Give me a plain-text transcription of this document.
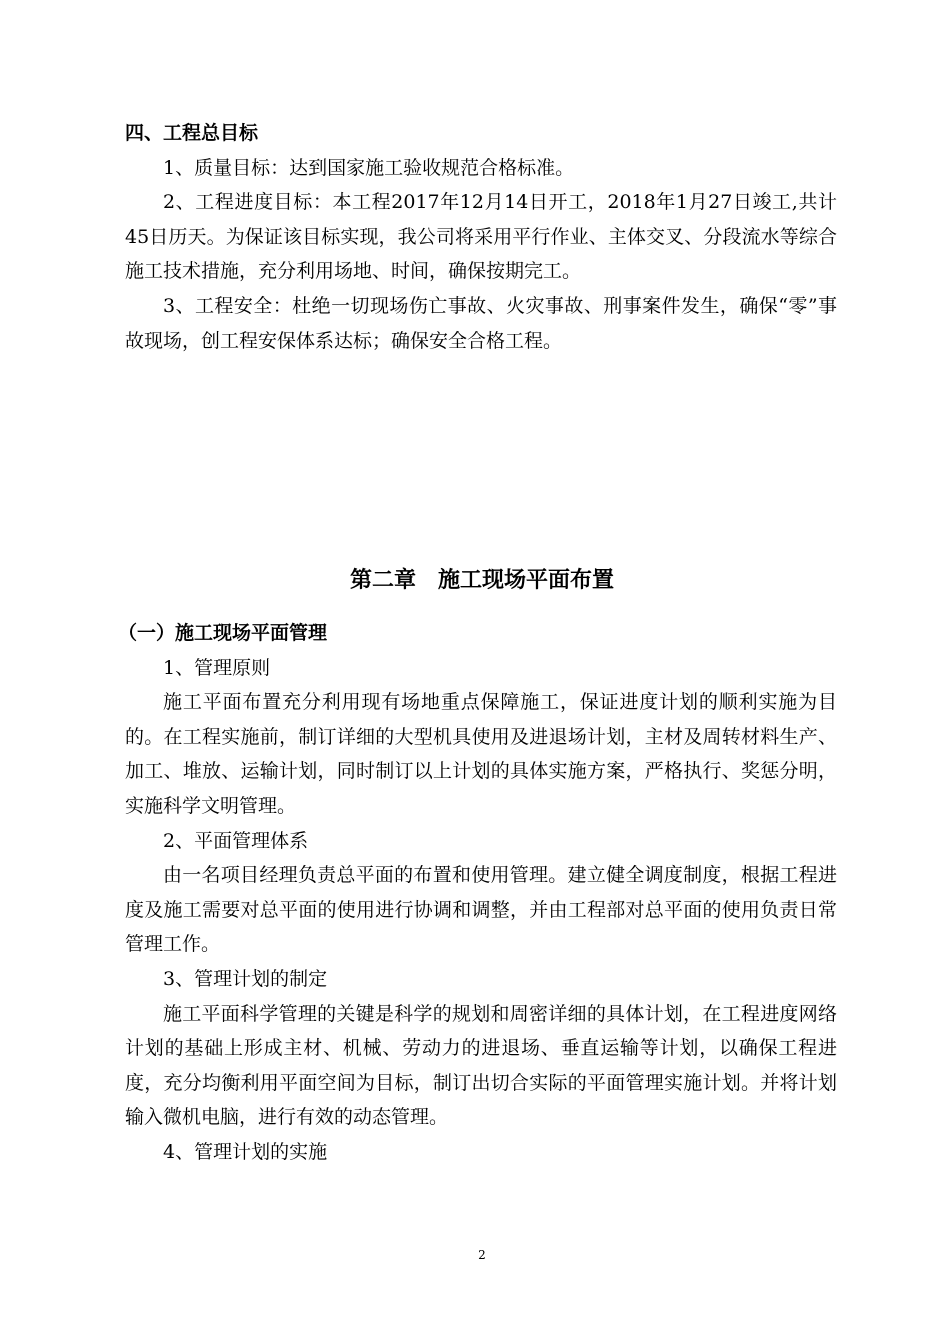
四、工程总目标

1、质量目标：达到国家施工验收规范合格标准。

2、工程进度目标：本工程2017年12月14日开工，2018年1月27日竣工,共计45日历天。为保证该目标实现，我公司将采用平行作业、主体交叉、分段流水等综合施工技术措施，充分利用场地、时间，确保按期完工。

3、工程安全：杜绝一切现场伤亡事故、火灾事故、刑事案件发生，确保“零”事故现场，创工程安保体系达标；确保安全合格工程。

第二章　施工现场平面布置

（一）施工现场平面管理

1、管理原则

施工平面布置充分利用现有场地重点保障施工，保证进度计划的顺利实施为目的。在工程实施前，制订详细的大型机具使用及进退场计划，主材及周转材料生产、加工、堆放、运输计划，同时制订以上计划的具体实施方案，严格执行、奖惩分明，实施科学文明管理。

2、平面管理体系

由一名项目经理负责总平面的布置和使用管理。建立健全调度制度，根据工程进度及施工需要对总平面的使用进行协调和调整，并由工程部对总平面的使用负责日常管理工作。

3、管理计划的制定

施工平面科学管理的关键是科学的规划和周密详细的具体计划，在工程进度网络计划的基础上形成主材、机械、劳动力的进退场、垂直运输等计划，以确保工程进度，充分均衡利用平面空间为目标，制订出切合实际的平面管理实施计划。并将计划输入微机电脑，进行有效的动态管理。

4、管理计划的实施

2
